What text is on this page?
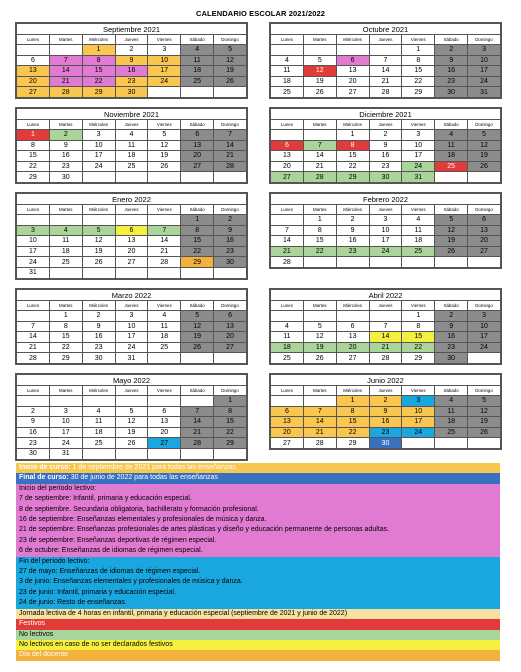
CALENDARIO ESCOLAR 2021/2022
Septiembre 2021						
Lunes	Martes	Miércoles	Jueves	Viernes	Sábado	Domingo
		1	2	3	4	5
6	7	8	9	10	11	12
13	14	15	16	17	18	19
20	21	22	23	24	25	26
27	28	29	30			
Octubre 2021						
Lunes	Martes	Miércoles	Jueves	Viernes	Sábado	Domingo
				1	2	3
4	5	6	7	8	9	10
11	12	13	14	15	16	17
18	19	20	21	22	23	24
25	26	27	28	29	30	31
Noviembre 2021						
Lunes	Martes	Miércoles	Jueves	Viernes	Sábado	Domingo
1	2	3	4	5	6	7
8	9	10	11	12	13	14
15	16	17	18	19	20	21
22	23	24	25	26	27	28
29	30					
Diciembre 2021						
Lunes	Martes	Miércoles	Jueves	Viernes	Sábado	Domingo
		1	2	3	4	5
6	7	8	9	10	11	12
13	14	15	16	17	18	19
20	21	22	23	24	25	26
27	28	29	30	31		
Enero 2022						
Lunes	Martes	Miércoles	Jueves	Viernes	Sábado	Domingo
					1	2
3	4	5	6	7	8	9
10	11	12	13	14	15	16
17	18	19	20	21	22	23
24	25	26	27	28	29	30
31						
Febrero 2022						
Lunes	Martes	Miércoles	Jueves	Viernes	Sábado	Domingo
	1	2	3	4	5	6
7	8	9	10	11	12	13
14	15	16	17	18	19	20
21	22	23	24	25	26	27
28						
Marzo 2022						
Lunes	Martes	Miércoles	Jueves	Viernes	Sábado	Domingo
	1	2	3	4	5	6
7	8	9	10	11	12	13
14	15	16	17	18	19	20
21	22	23	24	25	26	27
28	29	30	31			
Abril 2022						
Lunes	Martes	Miércoles	Jueves	Viernes	Sábado	Domingo
				1	2	3
4	5	6	7	8	9	10
11	12	13	14	15	16	17
18	19	20	21	22	23	24
25	26	27	28	29	30	
Mayo 2022						
Lunes	Martes	Miércoles	Jueves	Viernes	Sábado	Domingo
						1
2	3	4	5	6	7	8
9	10	11	12	13	14	15
16	17	18	19	20	21	22
23	24	25	26	27	28	29
30	31					
Junio 2022						
Lunes	Martes	Miércoles	Jueves	Viernes	Sábado	Domingo
		1	2	3	4	5
6	7	8	9	10	11	12
13	14	15	16	17	18	19
20	21	22	23	24	25	26
27	28	29	30			
Inicio de curso: 1 de septiembre de 2021 para todas las enseñanzas.
Final de curso: 30 de junio de 2022 para todas las enseñanzas
Inicio del período lectivo:
7 de septiembre: Infantil, primaria y educación especial.
8 de septiembre. Secundaria obligatoria, bachillerato y formación profesional.
16 de septiembre: Enseñanzas elementales y profesionales de música y danza.
21 de septiembre: Enseñanzas profesionales de artes plásticas y diseño y educación permanente de personas adultas.
23 de septiembre: Enseñanzas deportivas de régimen especial.
6 de octubre: Enseñanzas de idiomas de régimen especial.
Fin del período lectivo:
27 de mayo: Enseñanzas de idiomas de régimen especial.
3 de junio: Enseñanzas elementales y profesionales de música y danza.
23 de junio: Infantil, primaria y educación especial.
24 de junio: Resto de enseñanzas
Jornada lectiva de 4 horas en infantil, primaria y educación especial (septiembre de 2021 y junio de 2022)
Festivos
No lectivos
No lectivos en caso de no ser declarados festivos
Día del docente
